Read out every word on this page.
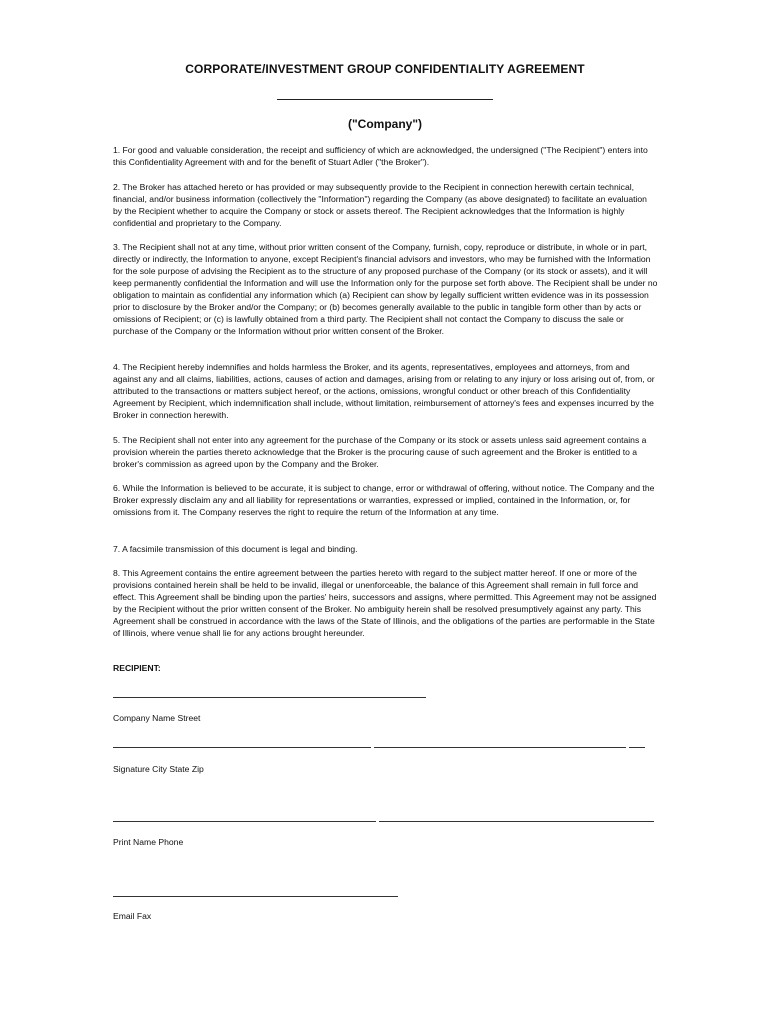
CORPORATE/INVESTMENT GROUP CONFIDENTIALITY AGREEMENT
("Company")

1. For good and valuable consideration, the receipt and sufficiency of which are acknowledged, the undersigned ("The Recipient") enters into this Confidentiality Agreement with and for the benefit of Stuart Adler ("the Broker").

2. The Broker has attached hereto or has provided or may subsequently provide to the Recipient in connection herewith certain technical, financial, and/or business information (collectively the "Information") regarding the Company (as above designated) to facilitate an evaluation by the Recipient whether to acquire the Company or stock or assets thereof. The Recipient acknowledges that the Information is highly confidential and proprietary to the Company.

3. The Recipient shall not at any time, without prior written consent of the Company, furnish, copy, reproduce or distribute, in whole or in part, directly or indirectly, the Information to anyone, except Recipient's financial advisors and investors, who may be furnished with the Information for the sole purpose of advising the Recipient as to the structure of any proposed purchase of the Company (or its stock or assets), and it will keep permanently confidential the Information and will use the Information only for the purpose set forth above. The Recipient shall be under no obligation to maintain as confidential any information which (a) Recipient can show by legally sufficient written evidence was in its possession prior to disclosure by the Broker and/or the Company; or (b) becomes generally available to the public in tangible form other than by acts or omissions of Recipient; or (c) is lawfully obtained from a third party. The Recipient shall not contact the Company to discuss the sale or purchase of the Company or the Information without prior written consent of the Broker.

4. The Recipient hereby indemnifies and holds harmless the Broker, and its agents, representatives, employees and attorneys, from and against any and all claims, liabilities, actions, causes of action and damages, arising from or relating to any injury or loss arising out of, from, or attributed to the transactions or matters subject hereof, or the actions, omissions, wrongful conduct or other breach of this Confidentiality Agreement by Recipient, which indemnification shall include, without limitation, reimbursement of attorney's fees and expenses incurred by the Broker in connection herewith.

5. The Recipient shall not enter into any agreement for the purchase of the Company or its stock or assets unless said agreement contains a provision wherein the parties thereto acknowledge that the Broker is the procuring cause of such agreement and the Broker is entitled to a broker's commission as agreed upon by the Company and the Broker.

6. While the Information is believed to be accurate, it is subject to change, error or withdrawal of offering, without notice. The Company and the Broker expressly disclaim any and all liability for representations or warranties, expressed or implied, contained in the Information, or, for omissions from it. The Company reserves the right to require the return of the Information at any time.

7. A facsimile transmission of this document is legal and binding.

8. This Agreement contains the entire agreement between the parties hereto with regard to the subject matter hereof. If one or more of the provisions contained herein shall be held to be invalid, illegal or unenforceable, the balance of this Agreement shall remain in full force and effect. This Agreement shall be binding upon the parties' heirs, successors and assigns, where permitted. This Agreement may not be assigned by the Recipient without the prior written consent of the Broker. No ambiguity herein shall be resolved presumptively against any party. This Agreement shall be construed in accordance with the laws of the State of Illinois, and the obligations of the parties are performable in the State of Illinois, where venue shall lie for any actions brought hereunder.

RECIPIENT:
Company Name Street
Signature City State Zip
Print Name Phone
Email Fax
